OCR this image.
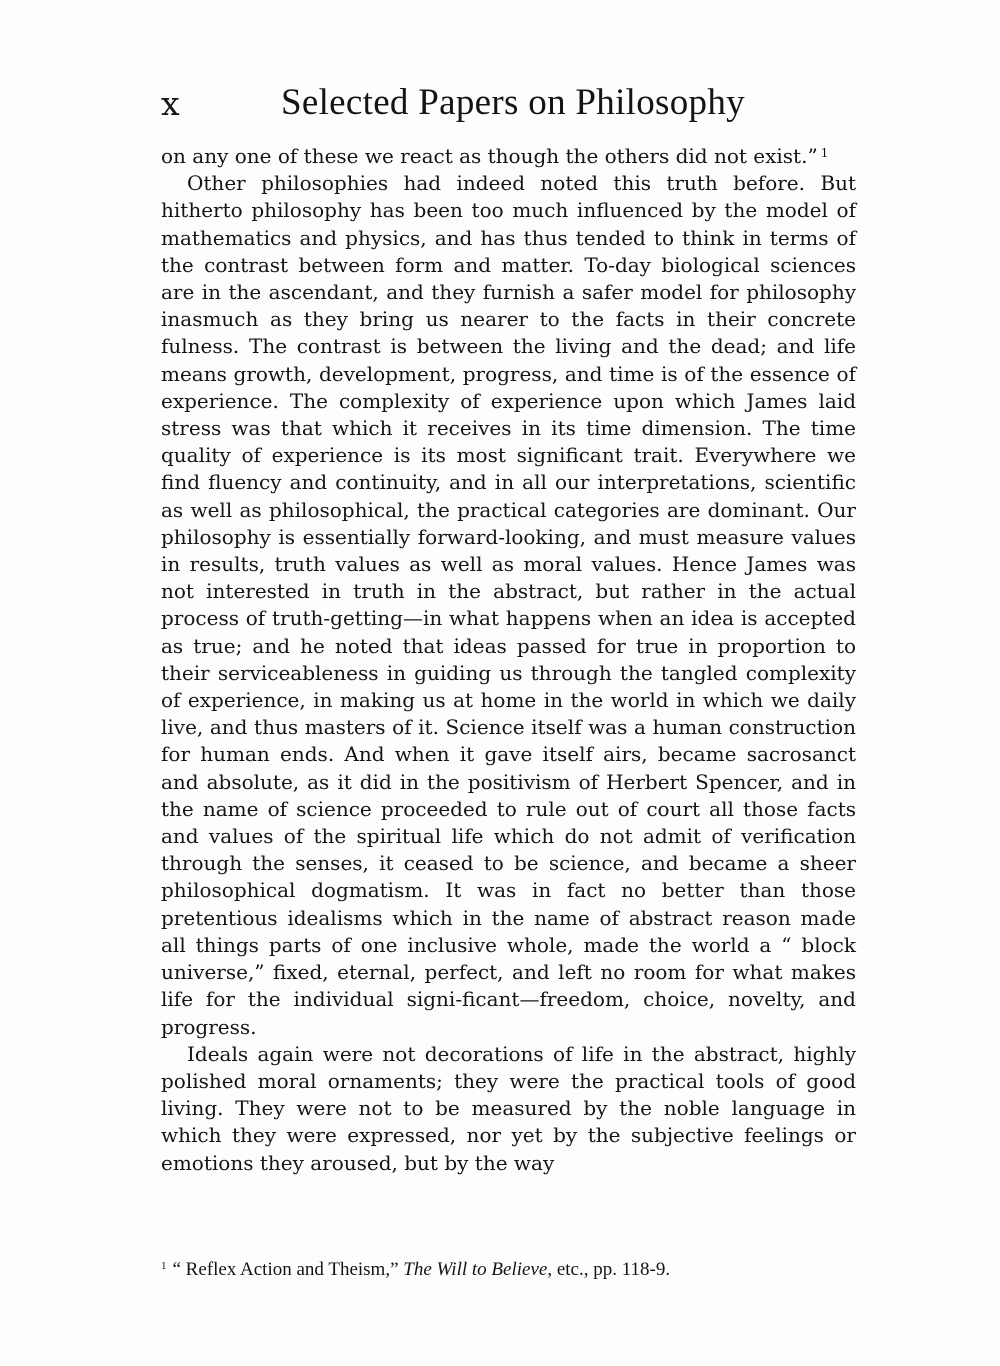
x	Selected Papers on Philosophy

on any one of these we react as though the others did not exist.” $^1$

Other philosophies had indeed noted this truth before. But hitherto philosophy has been too much influenced by the model of mathematics and physics, and has thus tended to think in terms of the contrast between form and matter. To-day biological sciences are in the ascendant, and they furnish a safer model for philosophy inasmuch as they bring us nearer to the facts in their concrete fulness. The contrast is between the living and the dead; and life means growth, development, progress, and time is of the essence of experience. The complexity of experience upon which James laid stress was that which it receives in its time dimension. The time quality of experience is its most significant trait. Everywhere we find fluency and continuity, and in all our interpretations, scientific as well as philosophical, the practical categories are dominant. Our philosophy is essentially forward-looking, and must measure values in results, truth values as well as moral values. Hence James was not interested in truth in the abstract, but rather in the actual process of truth-getting—in what happens when an idea is accepted as true; and he noted that ideas passed for true in proportion to their serviceableness in guiding us through the tangled complexity of experience, in making us at home in the world in which we daily live, and thus masters of it. Science itself was a human construction for human ends. And when it gave itself airs, became sacrosanct and absolute, as it did in the positivism of Herbert Spencer, and in the name of science proceeded to rule out of court all those facts and values of the spiritual life which do not admit of verification through the senses, it ceased to be science, and became a sheer philosophical dogmatism. It was in fact no better than those pretentious idealisms which in the name of abstract reason made all things parts of one inclusive whole, made the world a “ block universe,” fixed, eternal, perfect, and left no room for what makes life for the individual signi-ficant—freedom, choice, novelty, and progress.

Ideals again were not decorations of life in the abstract, highly polished moral ornaments; they were the practical tools of good living. They were not to be measured by the noble language in which they were expressed, nor yet by the subjective feelings or emotions they aroused, but by the way

$^1$ “ Reflex Action and Theism,” The Will to Believe, etc., pp. 118-9.
